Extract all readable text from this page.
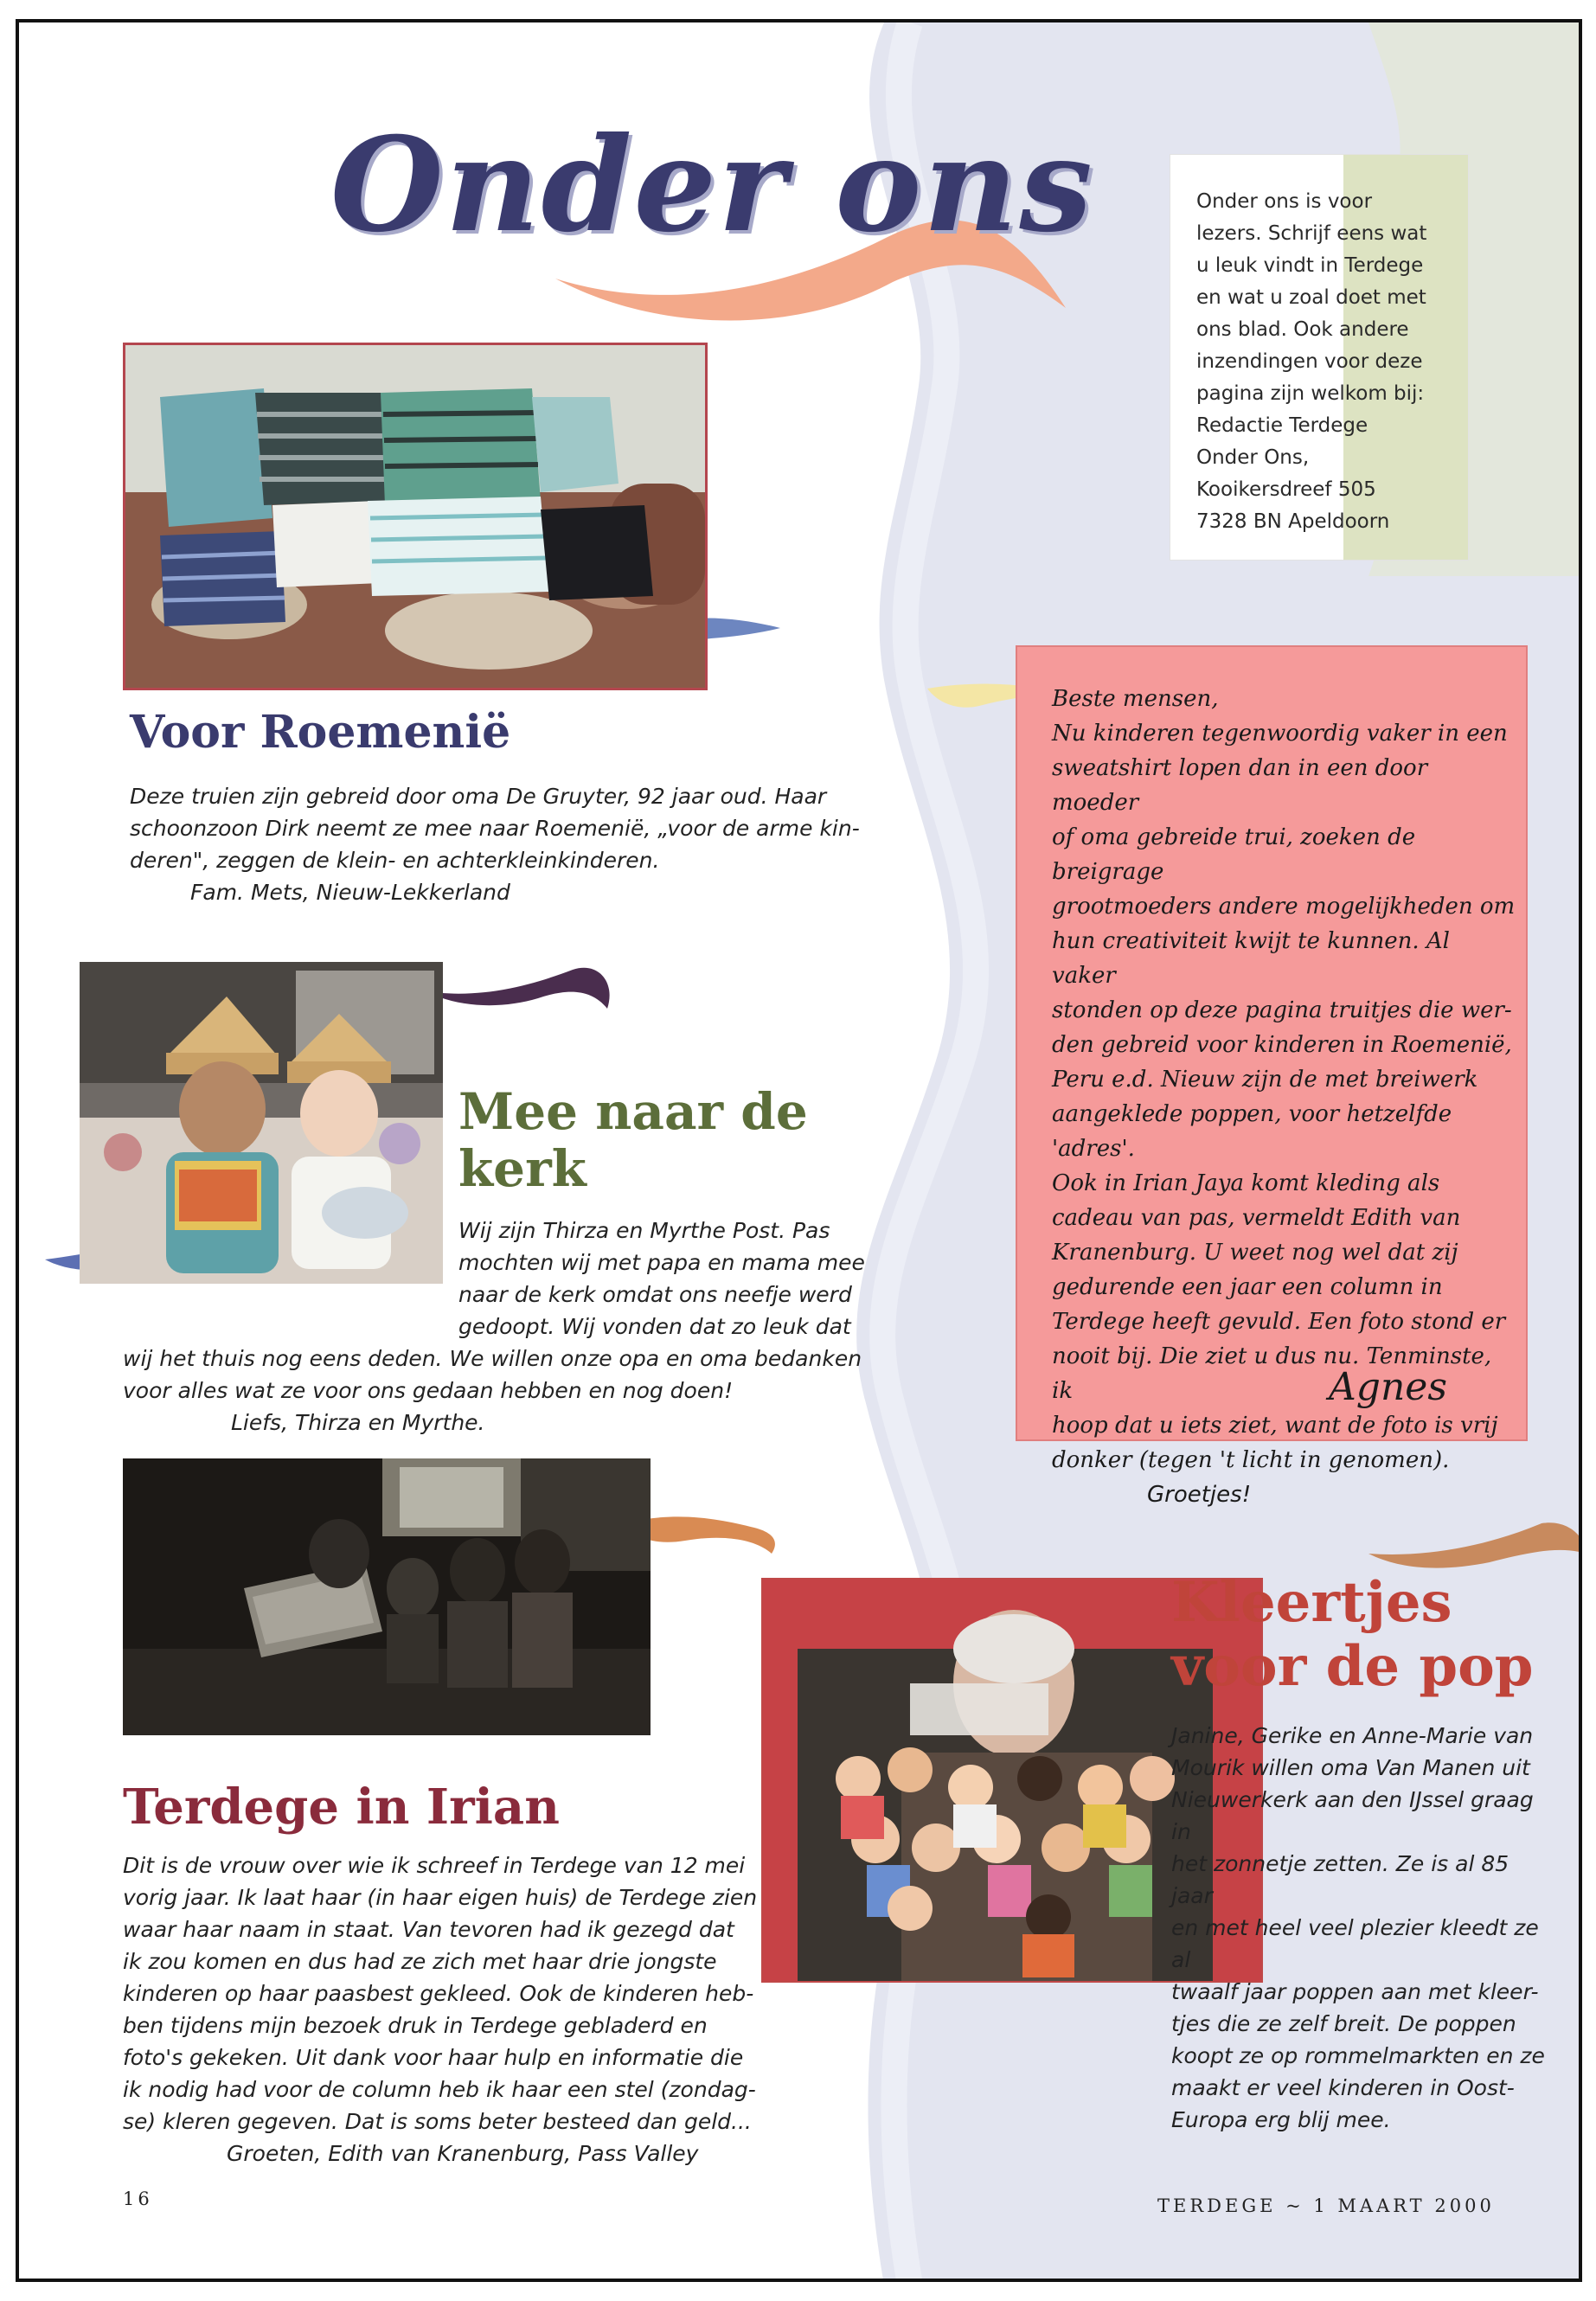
Onder ons	Onder ons is voor
lezers. Schrijf eens wat
u leuk vindt in Terdege
en wat u zoal doet met
ons blad. Ook andere
inzendingen voor deze
pagina zijn welkom bij:
Redactie Terdege
Onder Ons,
Kooikersdreef 505
7328 BN Apeldoorn
Voor Roemenië
Deze truien zijn gebreid door oma De Gruyter, 92 jaar oud. Haar
schoonzoon Dirk neemt ze mee naar Roemenië, „voor de arme kin-
deren", zeggen de klein- en achterkleinkinderen.
Fam. Mets, Nieuw-Lekkerland
Mee naar de
kerk
Wij zijn Thirza en Myrthe Post. Pas
mochten wij met papa en mama mee
naar de kerk omdat ons neefje werd
gedoopt. Wij vonden dat zo leuk dat
wij het thuis nog eens deden. We willen onze opa en oma bedanken
voor alles wat ze voor ons gedaan hebben en nog doen!
Liefs, Thirza en Myrthe.
Terdege in Irian
Dit is de vrouw over wie ik schreef in Terdege van 12 mei
vorig jaar. Ik laat haar (in haar eigen huis) de Terdege zien
waar haar naam in staat. Van tevoren had ik gezegd dat
ik zou komen en dus had ze zich met haar drie jongste
kinderen op haar paasbest gekleed. Ook de kinderen heb-
ben tijdens mijn bezoek druk in Terdege gebladerd en
foto's gekeken. Uit dank voor haar hulp en informatie die
ik nodig had voor de column heb ik haar een stel (zondag-
se) kleren gegeven. Dat is soms beter besteed dan geld...
Groeten, Edith van Kranenburg, Pass Valley
Beste mensen,
Nu kinderen tegenwoordig vaker in een
sweatshirt lopen dan in een door moeder
of oma gebreide trui, zoeken de breigrage
grootmoeders andere mogelijkheden om
hun creativiteit kwijt te kunnen. Al vaker
stonden op deze pagina truitjes die wer-
den gebreid voor kinderen in Roemenië,
Peru e.d. Nieuw zijn de met breiwerk
aangeklede poppen, voor hetzelfde
'adres'.
Ook in Irian Jaya komt kleding als
cadeau van pas, vermeldt Edith van
Kranenburg. U weet nog wel dat zij
gedurende een jaar een column in
Terdege heeft gevuld. Een foto stond er
nooit bij. Die ziet u dus nu. Tenminste, ik
hoop dat u iets ziet, want de foto is vrij
donker (tegen 't licht in genomen).
Groetjes!
Agnes
Kleertjes
voor de pop
Janine, Gerike en Anne-Marie van
Mourik willen oma Van Manen uit
Nieuwerkerk aan den IJssel graag in
het zonnetje zetten. Ze is al 85 jaar
en met heel veel plezier kleedt ze al
twaalf jaar poppen aan met kleer-
tjes die ze zelf breit. De poppen
koopt ze op rommelmarkten en ze
maakt er veel kinderen in Oost-
Europa erg blij mee.
16	TERDEGE ~ 1 MAART 2000
